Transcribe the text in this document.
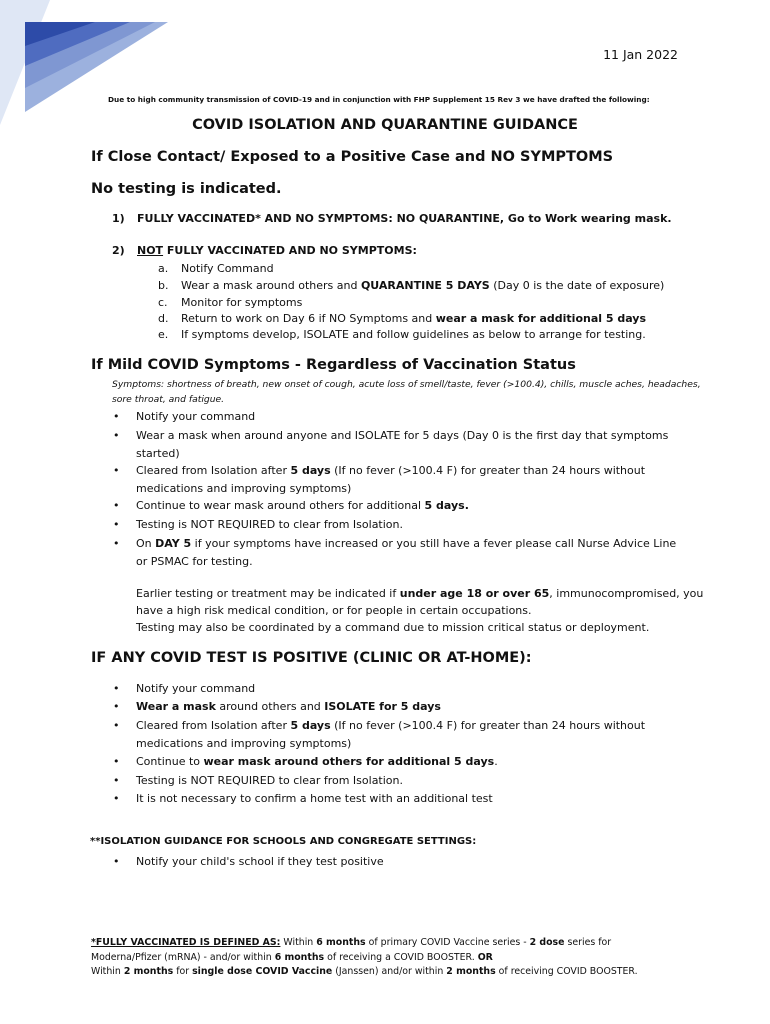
11 Jan 2022
Due to high community transmission of COVID-19 and in conjunction with FHP Supplement 15 Rev 3 we have drafted the following:
COVID ISOLATION AND QUARANTINE GUIDANCE
If Close Contact/ Exposed to a Positive Case and NO SYMPTOMS
No testing is indicated.
1) FULLY VACCINATED* AND NO SYMPTOMS: NO QUARANTINE, Go to Work wearing mask.
2) NOT FULLY VACCINATED AND NO SYMPTOMS:
a. Notify Command
b. Wear a mask around others and QUARANTINE 5 DAYS (Day 0 is the date of exposure)
c. Monitor for symptoms
d. Return to work on Day 6 if NO Symptoms and wear a mask for additional 5 days
e. If symptoms develop, ISOLATE and follow guidelines as below to arrange for testing.
If Mild COVID Symptoms - Regardless of Vaccination Status
Symptoms: shortness of breath, new onset of cough, acute loss of smell/taste, fever (>100.4), chills, muscle aches, headaches, sore throat, and fatigue.
• Notify your command
• Wear a mask when around anyone and ISOLATE for 5 days (Day 0 is the first day that symptoms started)
• Cleared from Isolation after 5 days (If no fever (>100.4 F) for greater than 24 hours without medications and improving symptoms)
• Continue to wear mask around others for additional 5 days.
• Testing is NOT REQUIRED to clear from Isolation.
• On DAY 5 if your symptoms have increased or you still have a fever please call Nurse Advice Line or PSMAC for testing.
Earlier testing or treatment may be indicated if under age 18 or over 65, immunocompromised, you have a high risk medical condition, or for people in certain occupations.
Testing may also be coordinated by a command due to mission critical status or deployment.
IF ANY COVID TEST IS POSITIVE (CLINIC OR AT-HOME):
• Notify your command
• Wear a mask around others and ISOLATE for 5 days
• Cleared from Isolation after 5 days (If no fever (>100.4 F) for greater than 24 hours without medications and improving symptoms)
• Continue to wear mask around others for additional 5 days.
• Testing is NOT REQUIRED to clear from Isolation.
• It is not necessary to confirm a home test with an additional test
**ISOLATION GUIDANCE FOR SCHOOLS AND CONGREGATE SETTINGS:
• Notify your child's school if they test positive
*FULLY VACCINATED IS DEFINED AS: Within 6 months of primary COVID Vaccine series - 2 dose series for
Moderna/Pfizer (mRNA) - and/or within 6 months of receiving a COVID BOOSTER. OR
Within 2 months for single dose COVID Vaccine (Janssen) and/or within 2 months of receiving COVID BOOSTER.
